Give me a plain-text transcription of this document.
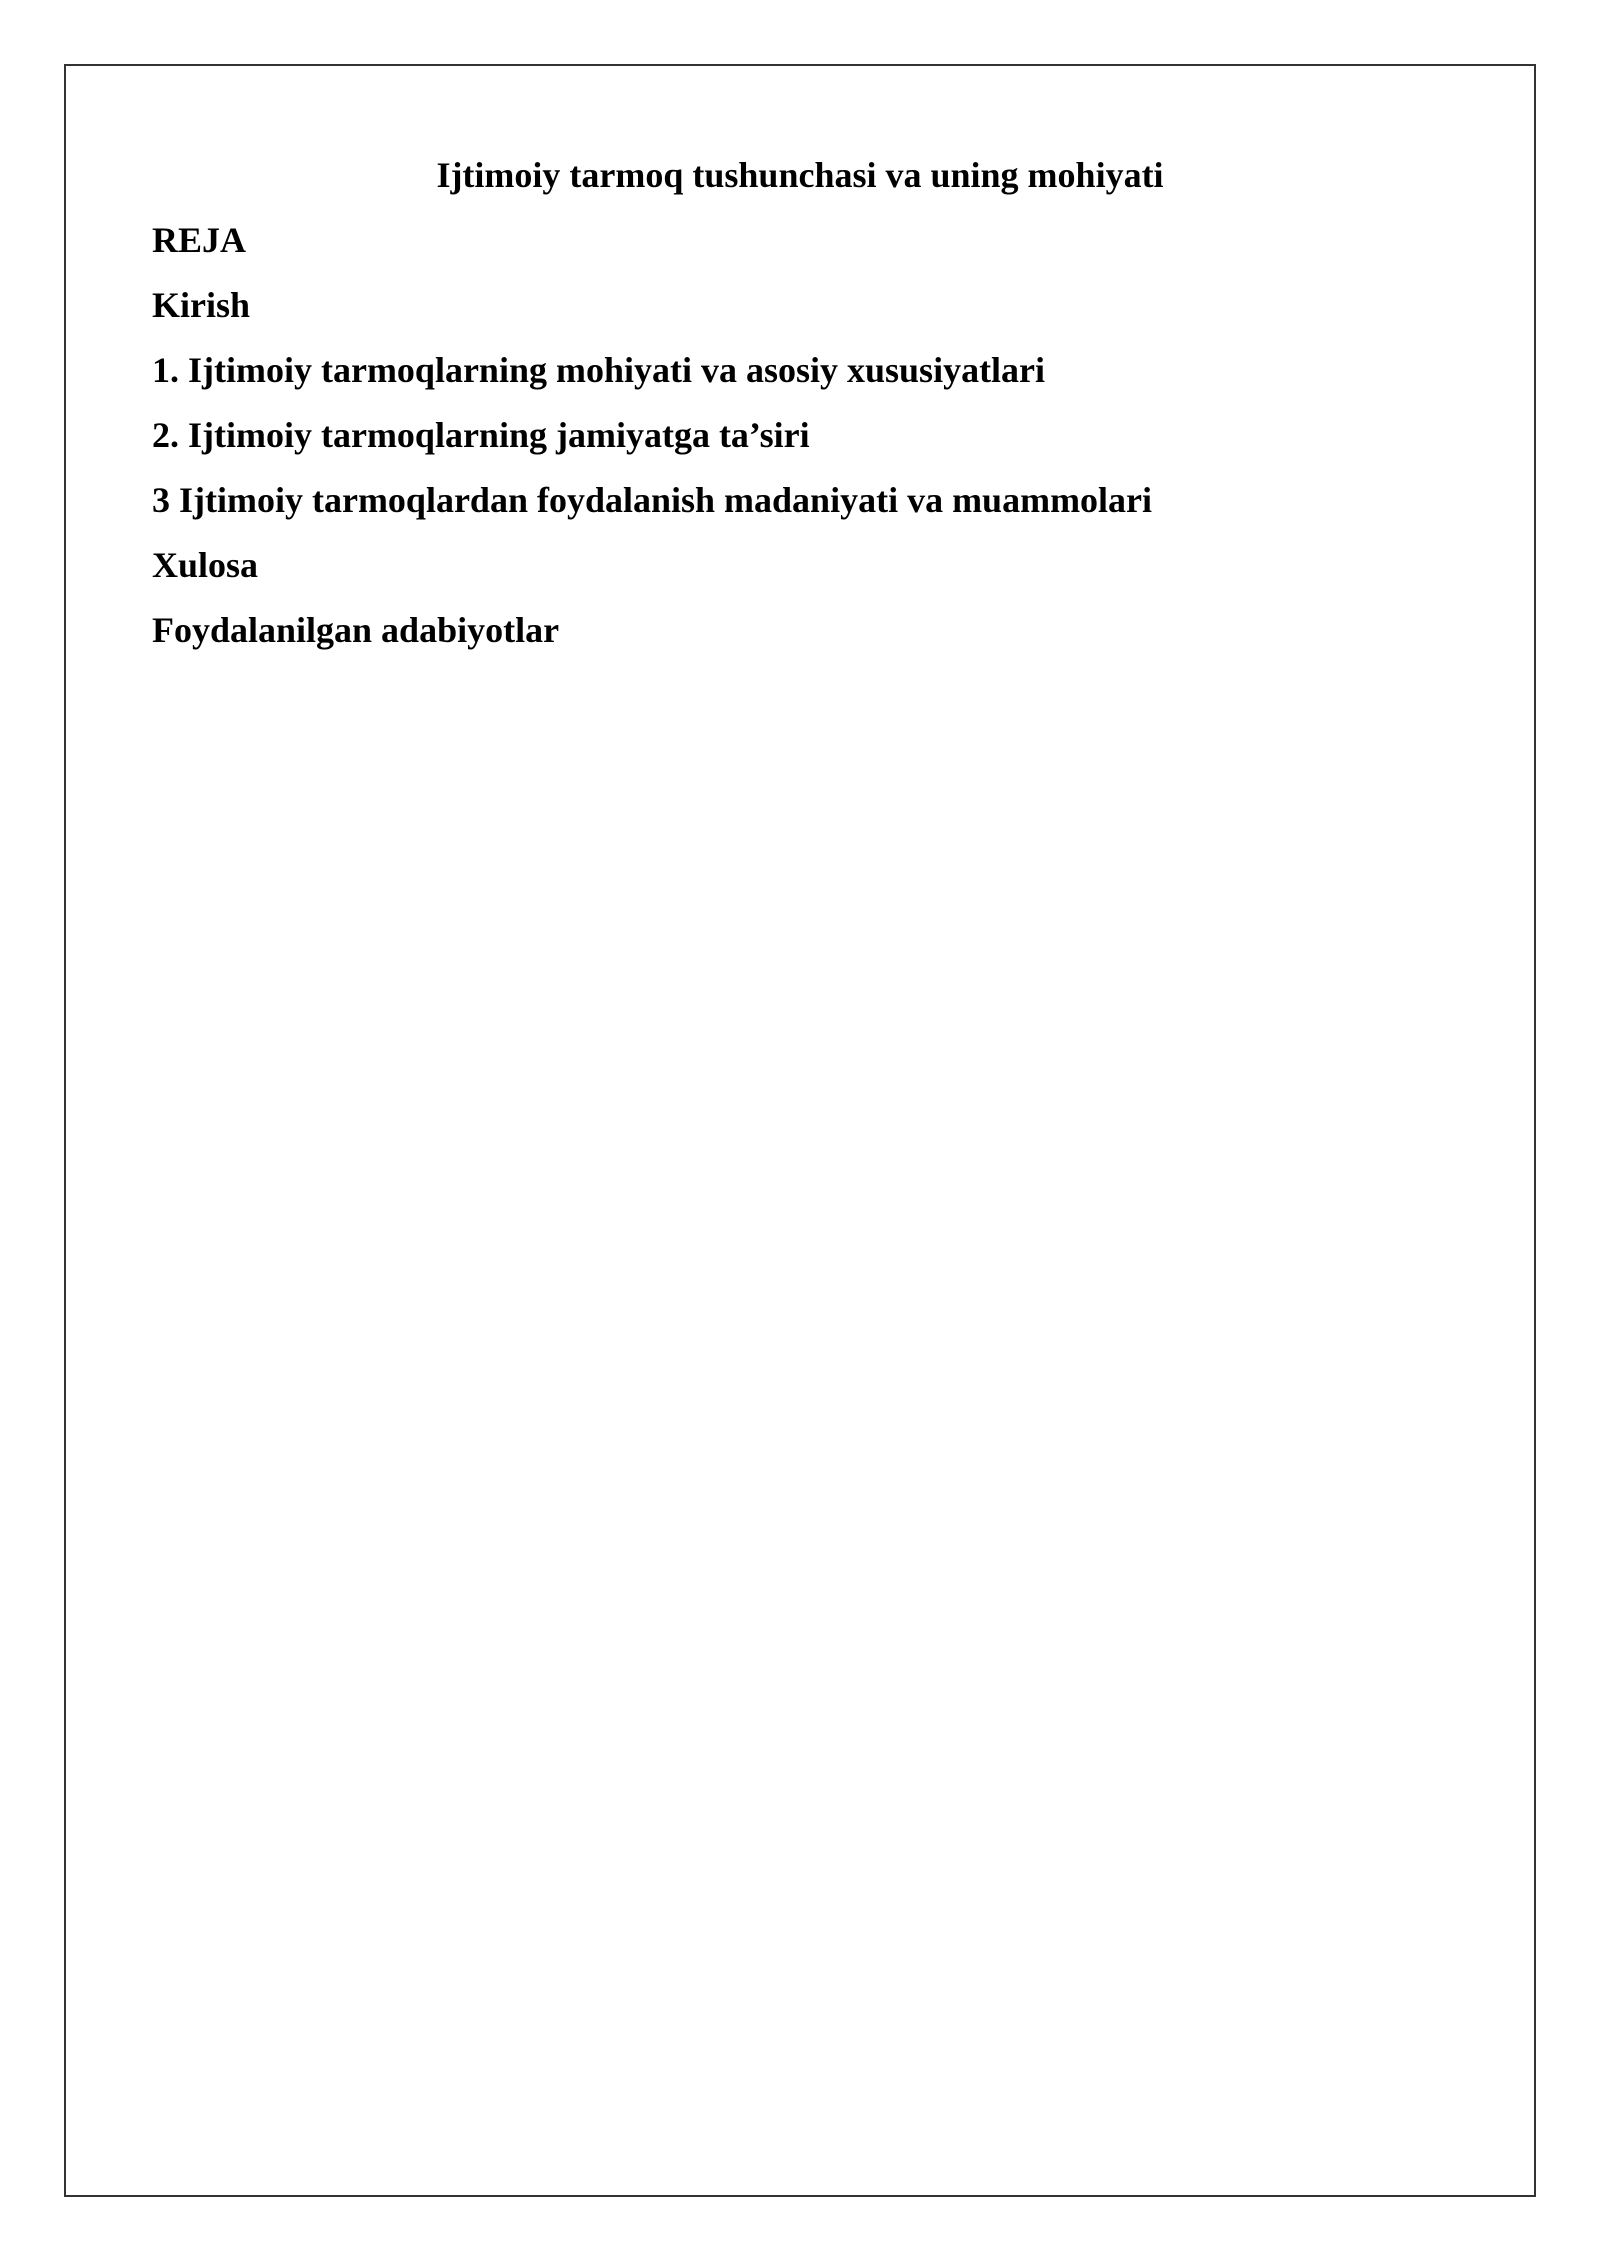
Ijtimoiy tarmoq tushunchasi va uning mohiyati
REJA
Kirish
1. Ijtimoiy tarmoqlarning mohiyati va asosiy xususiyatlari
2. Ijtimoiy tarmoqlarning jamiyatga ta’siri
3 Ijtimoiy tarmoqlardan foydalanish madaniyati va muammolari
Xulosa
Foydalanilgan adabiyotlar
